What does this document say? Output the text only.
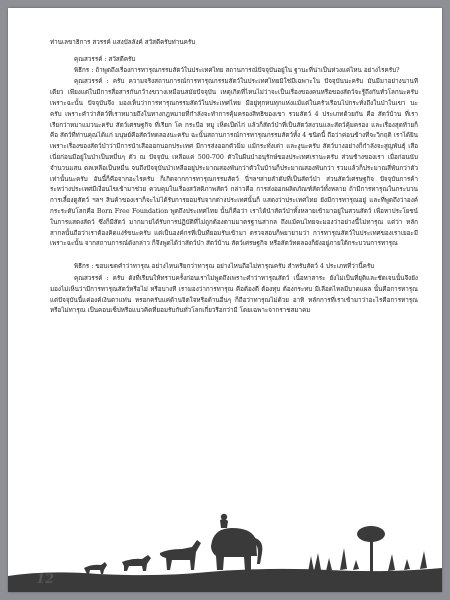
ท่านเลขาธิการ สวรรค์ แสงบัลลังค์ สวัสดีครับท่านครับ

คุณสวรรค์ : สวัสดีครับ

พิธีกร : ถ้าพูดถึงเรื่องการทารุณกรรมสัตว์ในประเทศไทย สถานการณ์ปัจจุบันอยู่ใน ฐานะที่น่าเป็นห่วงแค่ไหน อย่างไรครับ?

คุณสวรรค์ : ครับ ความจริงสถานการณ์การทารุณกรรมสัตว์ในประเทศไทยมิใช่มีเฉพาะใน ปัจจุบันนะครับ มันมีมาอย่างนานทีเดียว เพียงแต่ในมีการสื่อสารกันกว้างขวางเหมือนสมัยปัจจุบัน เหตุเกิดที่ไหนไม่ว่าจะเป็นเรื่องของคนหรือของสัตว์จะรู้ถึงกันทั่วโลกนะครับ เพราะฉะนั้น ปัจจุบันจึง มองเห็นว่าการทารุณกรรมสัตว์ในประเทศไทย มีอยู่ทุกหนทุกแห่งแม้แต่ในครัวเรือนไปกระทั่งถึงในป่าในเขา นะครับ เพราะคำว่าสัตว์ที่เราหมายถึงในทางกฎหมายที่กำลังจะทำการคุ้มครองสิทธิของเขา รวมสัตว์ 4 ประเภทด้วยกัน คือ สัตว์บ้าน ที่เราเรียกว่าหมาแมวนะครับ สัตว์เศรษฐกิจ ที่เรียก โค กระบือ หมู เห็ดเป็ดไก่ แล้วก็สัตว์ป่าที่เป็นสัตว์สงวนและสัตว์คุ้มครอง และเรื่องสุดท้ายก็คือ สัตว์ที่ท่านคุณได้แก่ มนุษย์คือสัตว์ทดลองนะครับ ฉะนั้นสถานการณ์การทารุณกรรมสัตว์ทั้ง 4 ชนิดนี้ ถือว่าค่อนข้างที่จะวิกฤติ เราได้ยินเพราะเรื่องของสัตว์ป่าว่ามีการนำเสือออกนอกประเทศ มีการส่งออกตัวมิ่ม แม้กระทั่งเต่า และงูนะครับ สัตว์บางอย่างก็กำลังจะสูญพันธุ์ เสือเนี่ยก่อนมีอยู่ในป่าเป็นหมื่นๆ ตัว ณ ปัจจุบัน เหลือแค่ 500-700 ตัวในผืนป่าอนุรักษ์ของประเทศเรานะครับ ส่วนช้างของเรา เมื่อก่อนนับจำนวนแสน ตลเหลือเป็นหมื่น จนถึงปัจจุบันป่าเหลืออยู่ประมาณสองพันกว่าตัวในบ้านก็ประมาณสองพันกว่า รวมแล้วก็ประมาณสี่พันกว่าตัวเท่านั้นนะครับ อันนี้ก็คือจากอะไรครับ ก็เกิดจากการทารุณกรรมสัตว์ นี่ฯลฯสายลำดับที่เป็นสัตว์ป่า ส่วนสัตว์เศรษฐกิจ ปัจจุบันการค้าระหว่างประเทศมีเงื่อนไขเข้ามาช่วย ควบคุมในเรื่องสวัสดิภาพสัตว์ กล่าวคือ การส่งออกผลิตภัณฑ์สัตว์ทั้งหลาย ถ้ามีการทารุณในกระบวน การเลี้ยงดูสัตว์ ฯลฯ สินค้าของเราก็จะไม่ได้รับการยอมรับจากต่างประเทศนั้นก็ แสดงว่าประเทศไทย ยังมีการทารุณอยู่ และที่พูดถึงว่าองค์กระระดับโลกคือ Born Free Foundation พูดถึงประเทศไทย นั้นก็คือว่า เราได้นำสัตว์ป่าทั้งหลายเข้ามาอยู่ในสวนสัตว์ เพื่อหาประโยชน์ในการแสดงสัตว์ ซึ่งก็มีสัตว์ มากมายได้รับการปฏิบัติที่ไม่ถูกต้องตามมาตรฐานสากล ถึงแม้คนไทยจะมองว่าอย่างนี้ไม่ทารุณ แต่ว่า หลักสากลนั้นถือว่าเราต้องคิดแง่ร์ขนะครับ แต่เป็นองค์กรที่เป็นที่ยอมรับเข้ามา ตรวจสอบก็พยายามว่า การทารุณสัตว์ในประเทศของเราเยอะมี เพราะฉะนั้น จากสถานการณ์ดังกล่าว ก็จึงพูดได้ว่าสัตว์ป่า สัตว์บ้าน สัตว์เศรษฐกิจ หรือสัตว์ทดลองก็ยังอยู่ภายใต้กระบวนการทารุณ

พิธีกร : ขอบเขตคำว่าทารุณ อย่างไหนเรียกว่าทารุณ อย่างไหนถือไม่ทารุณครับ สำหรับสัตว์ 4 ประเภทที่ว่านี้ครับ

คุณสวรรค์ : ครับ ดังที่เรียนให้ทราบครั้งก่อนเราไม่พูดถึงเพราะคำว่าทารุณสัตว์ เนื้อหาสาระ ยังไม่เป็นที่ยุติและชัดเจนนั้นจึงยังมองไม่เห็นว่ามีการทารุณสัตว์หรือไม่ หรือบางที เรามองว่าการทารุณ คือต้องตี ต้องทุบ ต้องกระทบ มีเลือดไหลมีบาดแผล นั้นคือการทารุณ แต่ปัจจุบันนี้แค่องค์เงินตาแท่น หรอกครับแค่ด้านจิตใจหรือด้านอื่นๆ ก็ถือว่าทารุณไม่ด้วย อาทิ หลักการที่เราเข้ามาว่าอะไรคือการทารุณ หรือไม่ทารุณ เป็นคอนเซ็ปหรือแนวคิดที่ยอมรับกันทั่วโลกเกี่ยวรีอกว่ามี โดยเฉพาะจากราชสมาคม

12
